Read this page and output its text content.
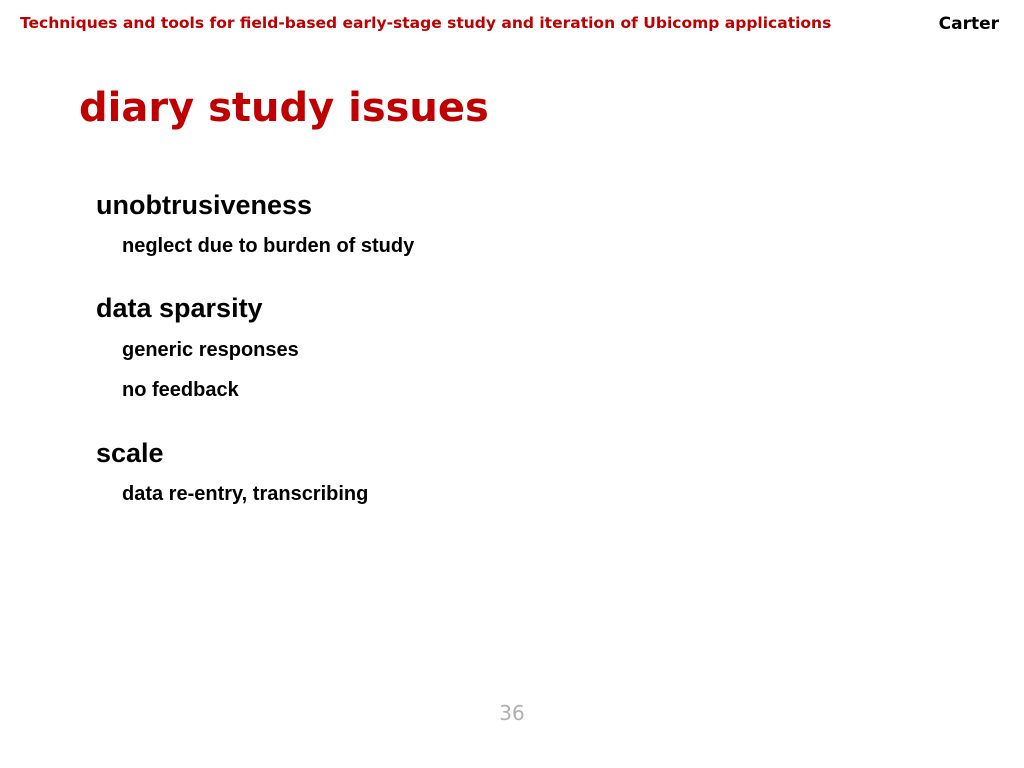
Techniques and tools for field-based early-stage study and iteration of Ubicomp applications	Carter
diary study issues
unobtrusiveness
neglect due to burden of study
data sparsity
generic responses
no feedback
scale
data re-entry, transcribing
36
